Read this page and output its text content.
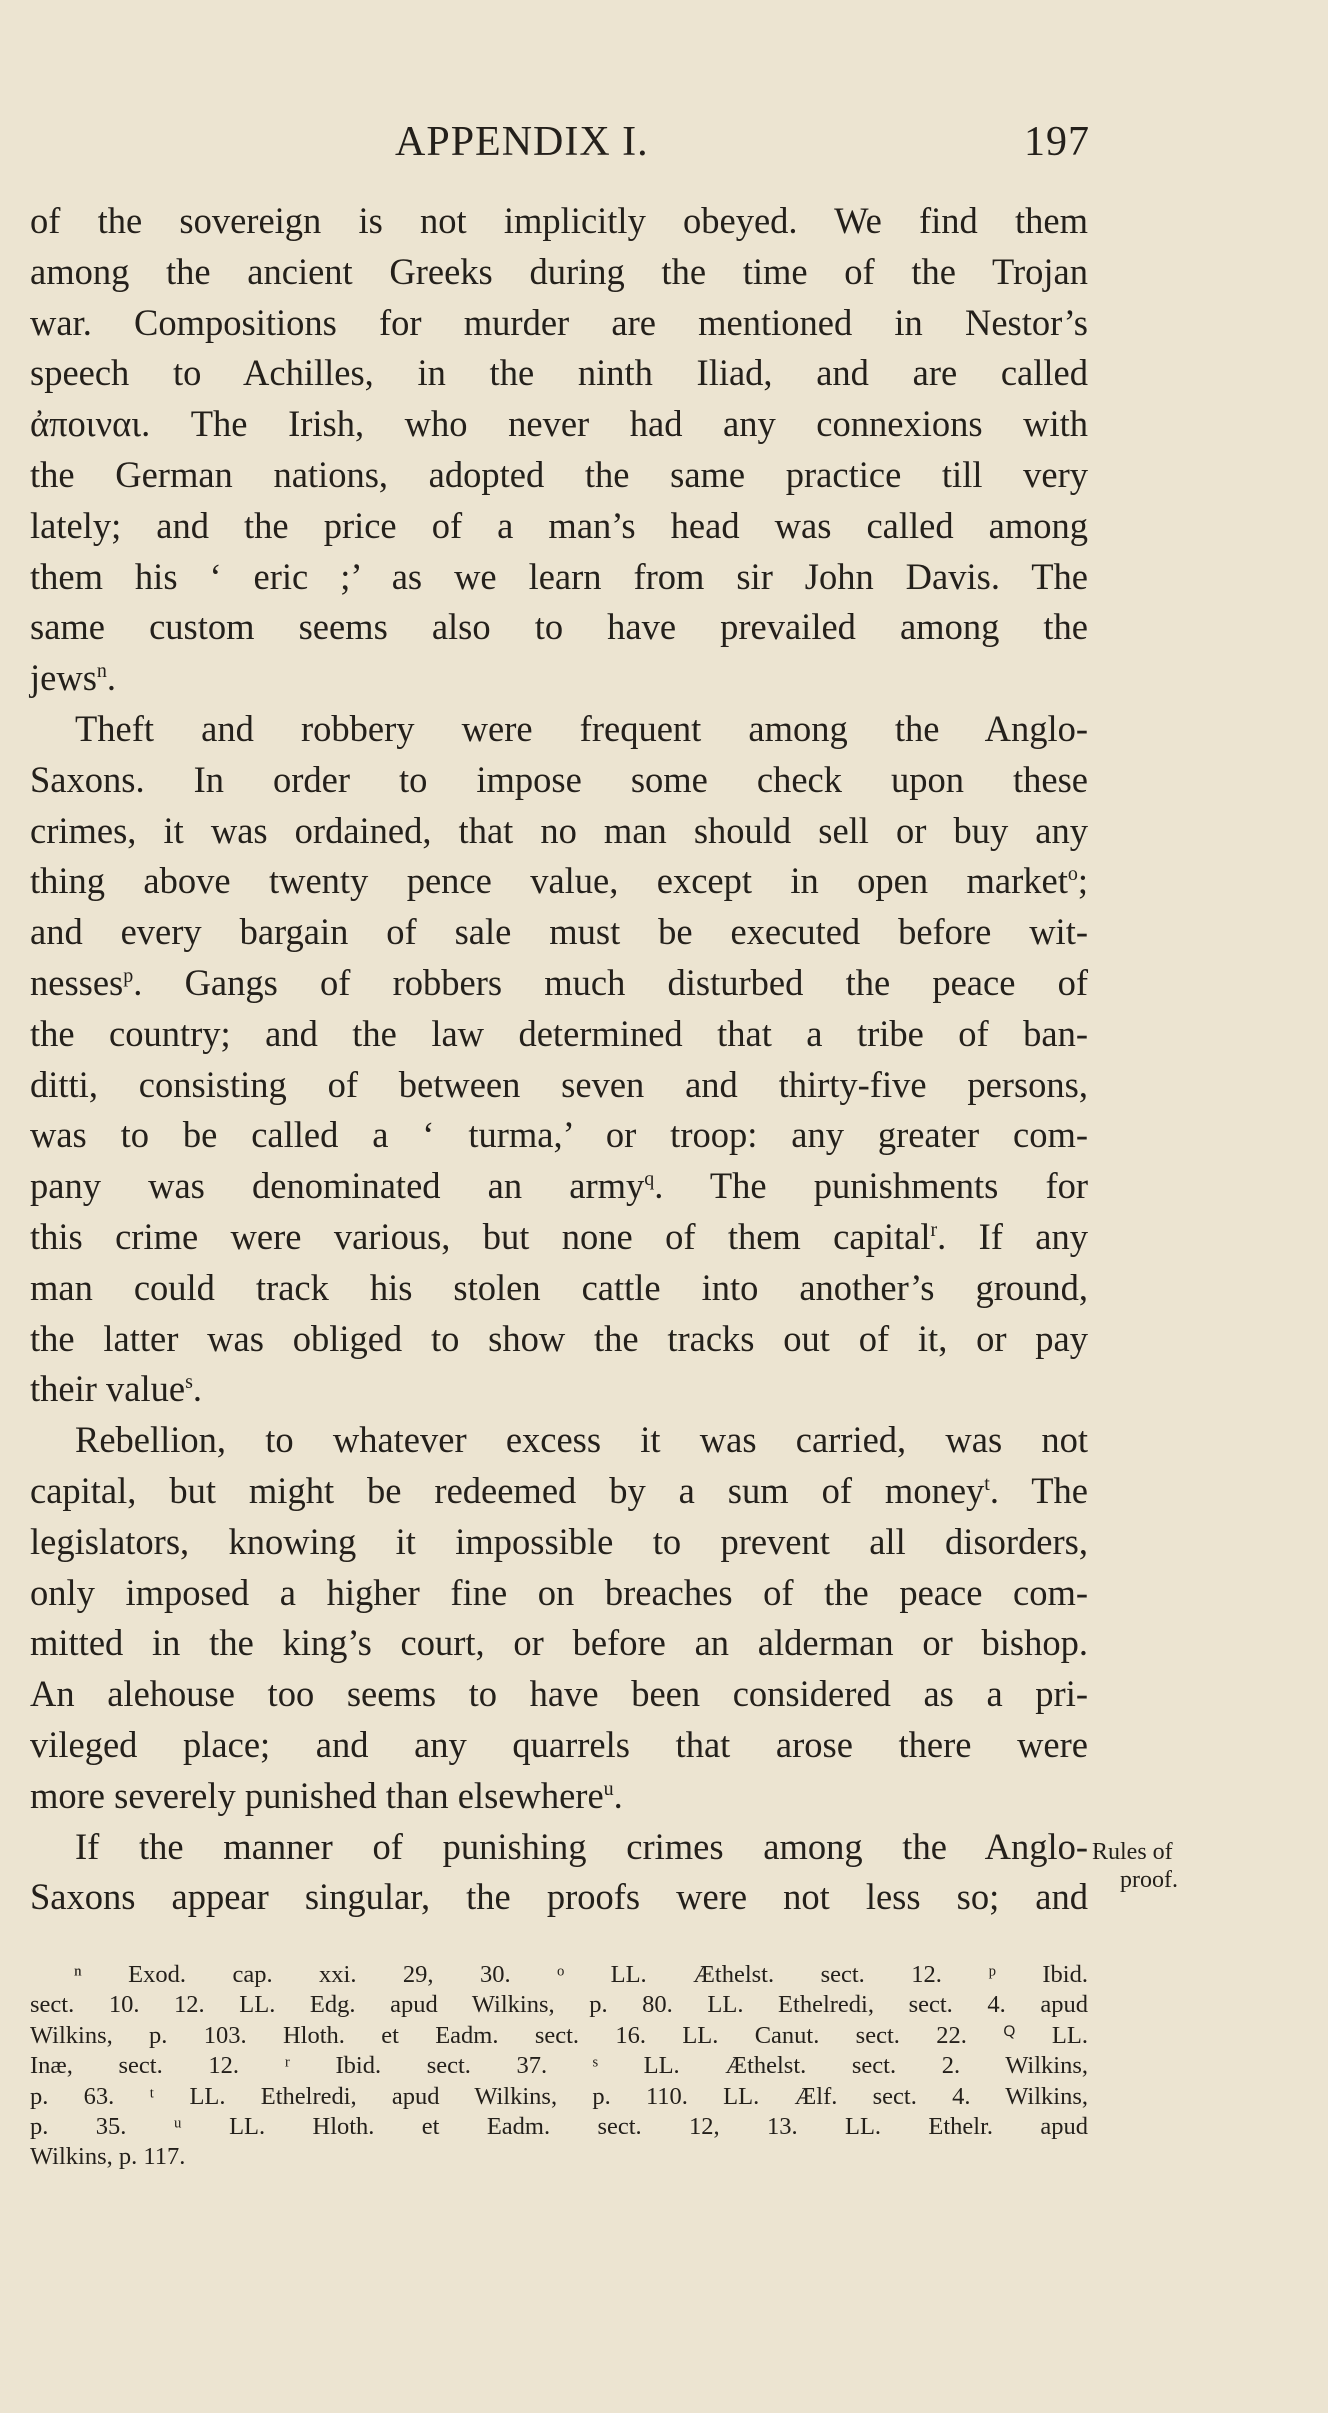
APPENDIX I.	197
of the sovereign is not implicitly obeyed. We find them
among the ancient Greeks during the time of the Trojan
war. Compositions for murder are mentioned in Nestor’s
speech to Achilles, in the ninth Iliad, and are called
ἀποιναι. The Irish, who never had any connexions with
the German nations, adopted the same practice till very
lately; and the price of a man’s head was called among
them his ‘ eric ;’ as we learn from sir John Davis. The
same custom seems also to have prevailed among the
jews$^n$.
Theft and robbery were frequent among the Anglo-
Saxons. In order to impose some check upon these
crimes, it was ordained, that no man should sell or buy any
thing above twenty pence value, except in open market$^o$;
and every bargain of sale must be executed before wit-
nesses$^p$. Gangs of robbers much disturbed the peace of
the country; and the law determined that a tribe of ban-
ditti, consisting of between seven and thirty-five persons,
was to be called a ‘ turma,’ or troop: any greater com-
pany was denominated an army$^q$. The punishments for
this crime were various, but none of them capital$^r$. If any
man could track his stolen cattle into another’s ground,
the latter was obliged to show the tracks out of it, or pay
their value$^s$.
Rebellion, to whatever excess it was carried, was not
capital, but might be redeemed by a sum of money$^t$. The
legislators, knowing it impossible to prevent all disorders,
only imposed a higher fine on breaches of the peace com-
mitted in the king’s court, or before an alderman or bishop.
An alehouse too seems to have been considered as a pri-
vileged place; and any quarrels that arose there were
more severely punished than elsewhere$^u$.
If the manner of punishing crimes among the Anglo-
Saxons appear singular, the proofs were not less so; and
Rules of
proof.
ⁿ Exod. cap. xxi. 29, 30. ᵒ LL. Æthelst. sect. 12. ᵖ Ibid.
sect. 10. 12. LL. Edg. apud Wilkins, p. 80. LL. Ethelredi, sect. 4. apud
Wilkins, p. 103. Hloth. et Eadm. sect. 16. LL. Canut. sect. 22. ꟴ LL.
Inæ, sect. 12. ʳ Ibid. sect. 37. ˢ LL. Æthelst. sect. 2. Wilkins,
p. 63. ᵗ LL. Ethelredi, apud Wilkins, p. 110. LL. Ælf. sect. 4. Wilkins,
p. 35. ᵘ LL. Hloth. et Eadm. sect. 12, 13. LL. Ethelr. apud
Wilkins, p. 117.
